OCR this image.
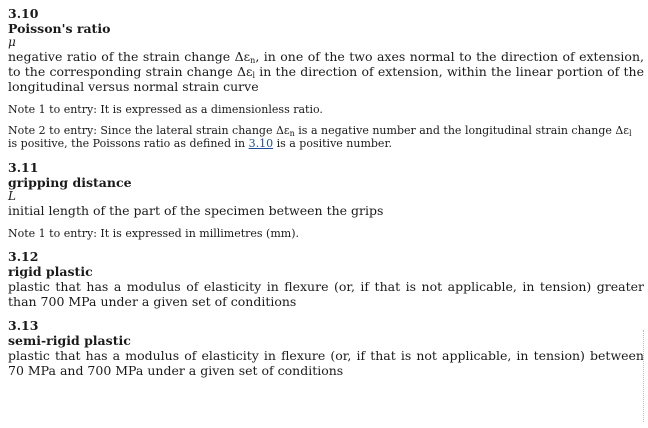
3.10
Poisson's ratio
μ
negative ratio of the strain change $\Delta\varepsilon_n$, in one of the two axes normal to the direction of extension, to the corresponding strain change $\Delta\varepsilon_l$ in the direction of extension, within the linear portion of the longitudinal versus normal strain curve
Note 1 to entry: It is expressed as a dimensionless ratio.
Note 2 to entry: Since the lateral strain change $\Delta\varepsilon_n$ is a negative number and the longitudinal strain change $\Delta\varepsilon_l$ is positive, the Poissons ratio as defined in 3.10 is a positive number.
3.11
gripping distance
L
initial length of the part of the specimen between the grips
Note 1 to entry: It is expressed in millimetres (mm).
3.12
rigid plastic
plastic that has a modulus of elasticity in flexure (or, if that is not applicable, in tension) greater than 700 MPa under a given set of conditions
3.13
semi-rigid plastic
plastic that has a modulus of elasticity in flexure (or, if that is not applicable, in tension) between 70 MPa and 700 MPa under a given set of conditions
